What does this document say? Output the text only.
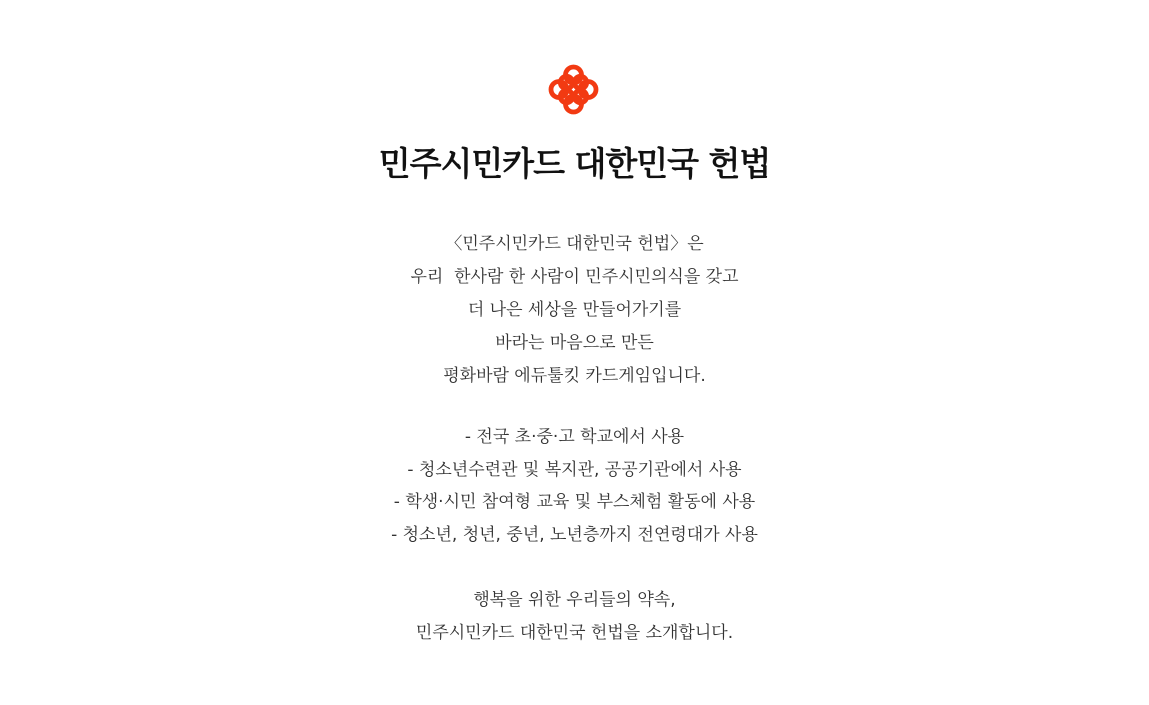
민주시민카드 대한민국 헌법
〈민주시민카드 대한민국 헌법〉은
우리  한사람 한 사람이 민주시민의식을 갖고
더 나은 세상을 만들어가기를
바라는 마음으로 만든
평화바람 에듀툴킷 카드게임입니다.
- 전국 초·중·고 학교에서 사용
- 청소년수련관 및 복지관, 공공기관에서 사용
- 학생·시민 참여형 교육 및 부스체험 활동에 사용
- 청소년, 청년, 중년, 노년층까지 전연령대가 사용
행복을 위한 우리들의 약속,
민주시민카드 대한민국 헌법을 소개합니다.
